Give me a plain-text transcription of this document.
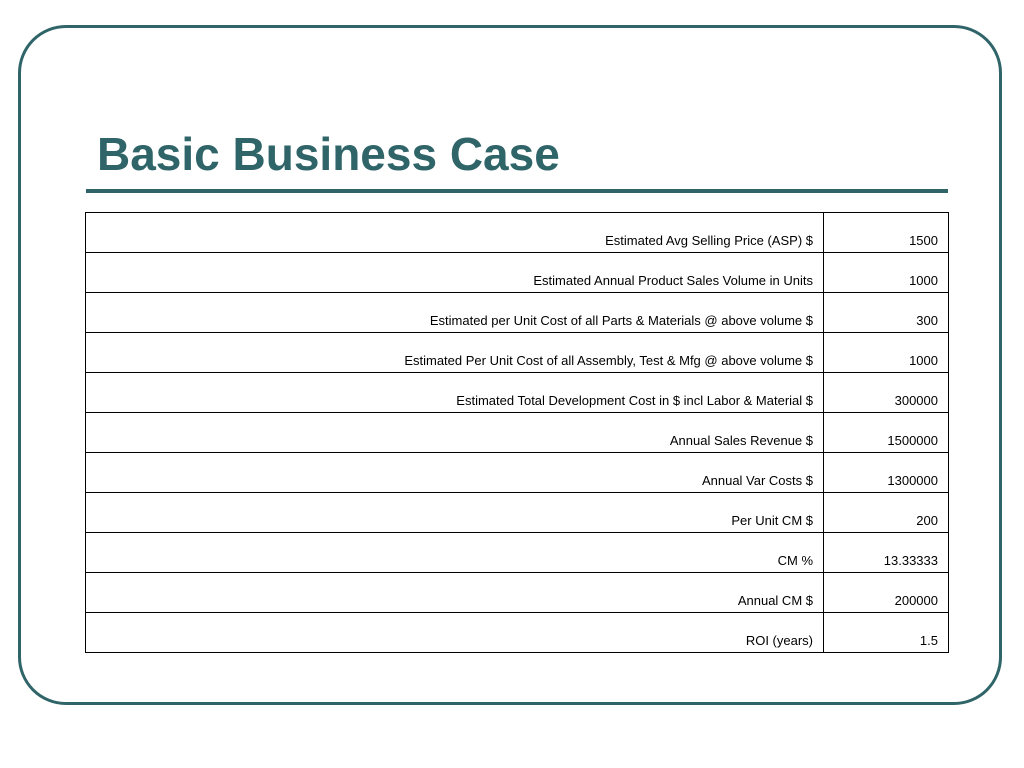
Basic Business Case
Estimated Avg Selling Price (ASP) $	1500
Estimated Annual Product Sales Volume in Units	1000
Estimated per Unit Cost of all Parts & Materials @ above volume $	300
Estimated Per Unit Cost of all Assembly, Test & Mfg @ above volume $	1000
Estimated Total Development Cost in $ incl Labor & Material $	300000
Annual Sales Revenue $	1500000
Annual Var Costs $	1300000
Per Unit CM $	200
CM %	13.33333
Annual CM $	200000
ROI (years)	1.5
